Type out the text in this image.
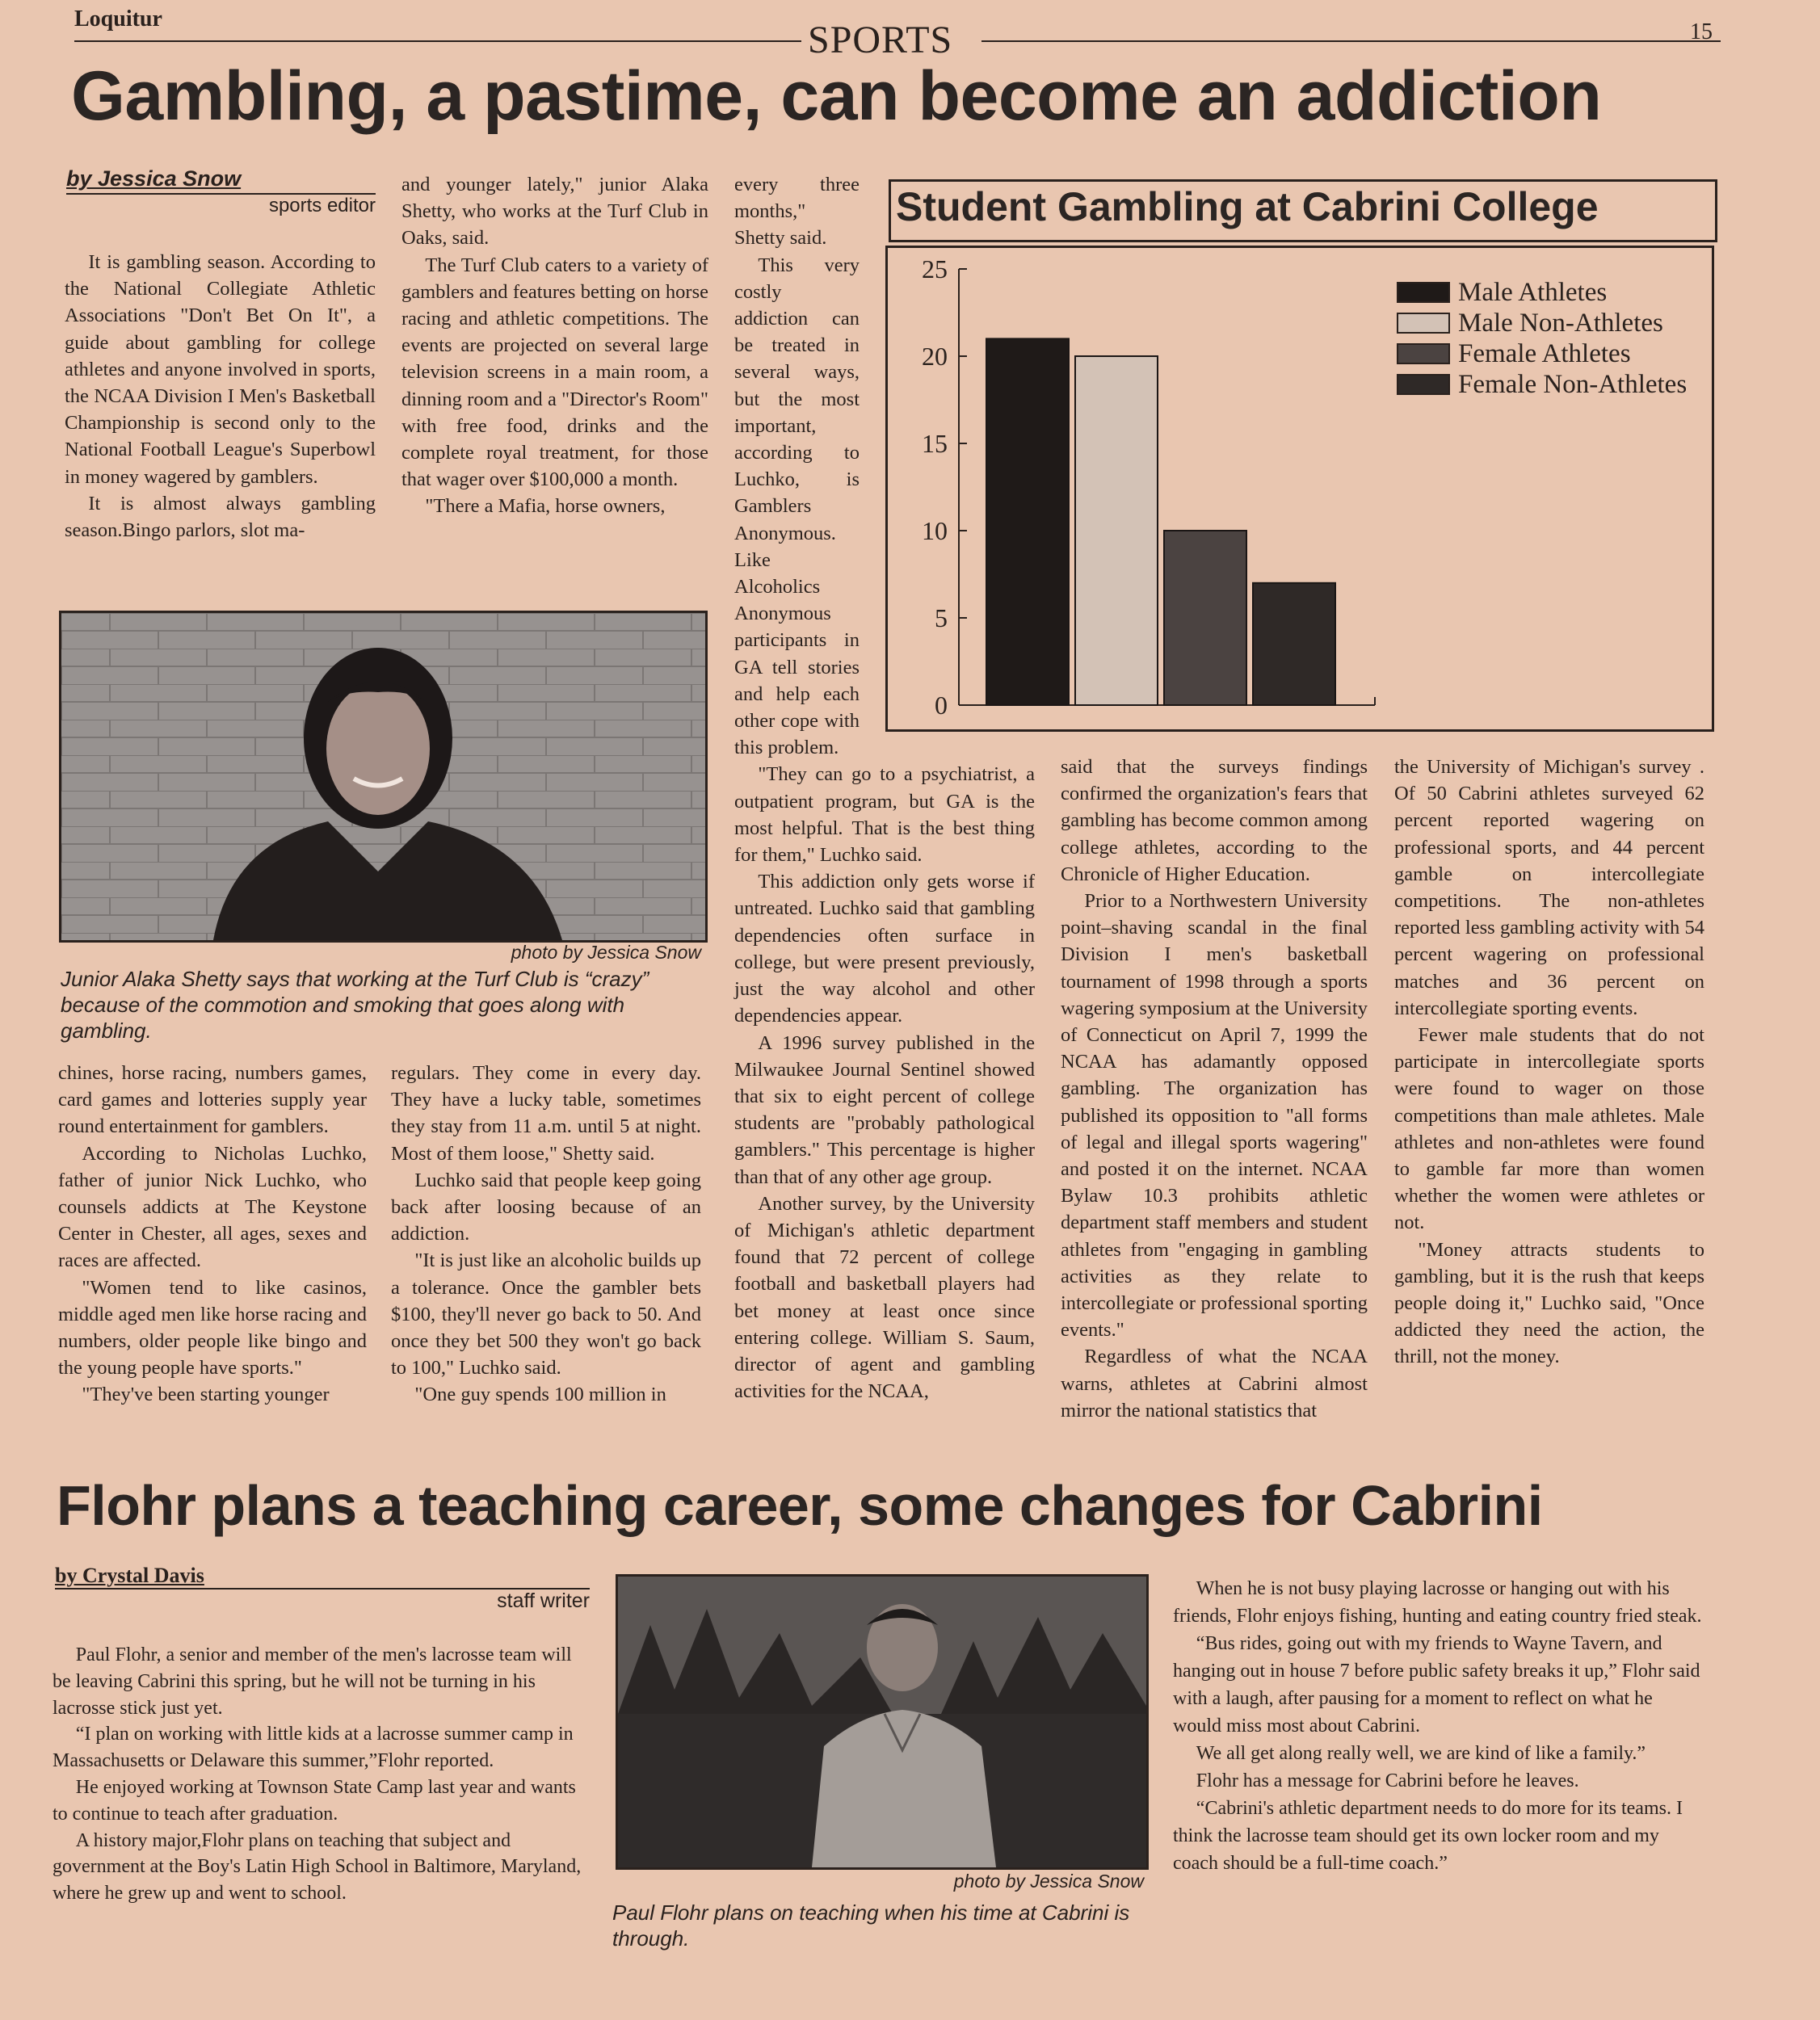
Loquitur	SPORTS	15
Gambling, a pastime, can become an addiction
by Jessica Snow
sports editor

It is gambling season. According to the National Collegiate Athletic Associations "Don't Bet On It", a guide about gambling for college athletes and anyone involved in sports, the NCAA Division I Men's Basketball Championship is second only to the National Football League's Superbowl in money wagered by gamblers.

It is almost always gambling season.Bingo parlors, slot ma-

and younger lately," junior Alaka Shetty, who works at the Turf Club in Oaks, said.

The Turf Club caters to a variety of gamblers and features betting on horse racing and athletic competitions. The events are projected on several large television screens in a main room, a dinning room and a "Director's Room" with free food, drinks and the complete royal treatment, for those that wager over $100,000 a month.

"There a Mafia, horse owners,

every three months," Shetty said.

This very costly addiction can be treated in several ways, but the most important, according to Luchko, is Gamblers Anonymous. Like Alcoholics Anonymous participants in GA tell stories and help each other cope with this problem.

"They can go to a psychiatrist, a outpatient program, but GA is the most helpful. That is the best thing for them," Luchko said.

This addiction only gets worse if untreated. Luchko said that gambling dependencies often surface in college, but were present previously, just the way alcohol and other dependencies appear.

A 1996 survey published in the Milwaukee Journal Sentinel showed that six to eight percent of college students are "probably pathological gamblers." This percentage is higher than that of any other age group.

Another survey, by the University of Michigan's athletic department found that 72 percent of college football and basketball players had bet money at least once since entering college. William S. Saum, director of agent and gambling activities for the NCAA,

photo by Jessica Snow
Junior Alaka Shetty says that working at the Turf Club is “crazy” because of the commotion and smoking that goes along with gambling.

chines, horse racing, numbers games, card games and lotteries supply year round entertainment for gamblers.

According to Nicholas Luchko, father of junior Nick Luchko, who counsels addicts at The Keystone Center in Chester, all ages, sexes and races are affected.

"Women tend to like casinos, middle aged men like horse racing and numbers, older people like bingo and the young people have sports."

"They've been starting younger

regulars. They come in every day. They have a lucky table, sometimes they stay from 11 a.m. until 5 at night. Most of them loose," Shetty said.

Luchko said that people keep going back after loosing because of an addiction.

"It is just like an alcoholic builds up a tolerance. Once the gambler bets $100, they'll never go back to 50. And once they bet 500 they won't go back to 100," Luchko said.

"One guy spends 100 million in

Student Gambling at Cabrini College
0
5
10
15
20
25
Male Athletes
Male Non-Athletes
Female Athletes
Female Non-Athletes

said that the surveys findings confirmed the organization's fears that gambling has become common among college athletes, according to the Chronicle of Higher Education.

Prior to a Northwestern University point–shaving scandal in the final Division I men's basketball tournament of 1998 through a sports wagering symposium at the University of Connecticut on April 7, 1999 the NCAA has adamantly opposed gambling. The organization has published its opposition to "all forms of legal and illegal sports wagering" and posted it on the internet. NCAA Bylaw 10.3 prohibits athletic department staff members and student athletes from "engaging in gambling activities as they relate to intercollegiate or professional sporting events."

Regardless of what the NCAA warns, athletes at Cabrini almost mirror the national statistics that

the University of Michigan's survey . Of 50 Cabrini athletes surveyed 62 percent reported wagering on professional sports, and 44 percent gamble on intercollegiate competitions. The non-athletes reported less gambling activity with 54 percent wagering on professional matches and 36 percent on intercollegiate sporting events.

Fewer male students that do not participate in intercollegiate sports were found to wager on those competitions than male athletes. Male athletes and non-athletes were found to gamble far more than women whether the women were athletes or not.

"Money attracts students to gambling, but it is the rush that keeps people doing it," Luchko said, "Once addicted they need the action, the thrill, not the money.

Flohr plans a teaching career, some changes for Cabrini
by Crystal Davis
staff writer

Paul Flohr, a senior and member of the men's lacrosse team will be leaving Cabrini this spring, but he will not be turning in his lacrosse stick just yet.

“I plan on working with little kids at a lacrosse summer camp in Massachusetts or Delaware this summer,”Flohr reported.

He enjoyed working at Townson State Camp last year and wants to continue to teach after graduation.

A history major,Flohr plans on teaching that subject and government at the Boy's Latin High School in Baltimore, Maryland, where he grew up and went to school.

photo by Jessica Snow
Paul Flohr plans on teaching when his time at Cabrini is through.

When he is not busy playing lacrosse or hanging out with his friends, Flohr enjoys fishing, hunting and eating country fried steak.

“Bus rides, going out with my friends to Wayne Tavern, and hanging out in house 7 before public safety breaks it up,” Flohr said with a laugh, after pausing for a moment to reflect on what he would miss most about Cabrini.

We all get along really well, we are kind of like a family.”

Flohr has a message for Cabrini before he leaves.

“Cabrini's athletic department needs to do more for its teams. I think the lacrosse team should get its own locker room and my coach should be a full-time coach.”
